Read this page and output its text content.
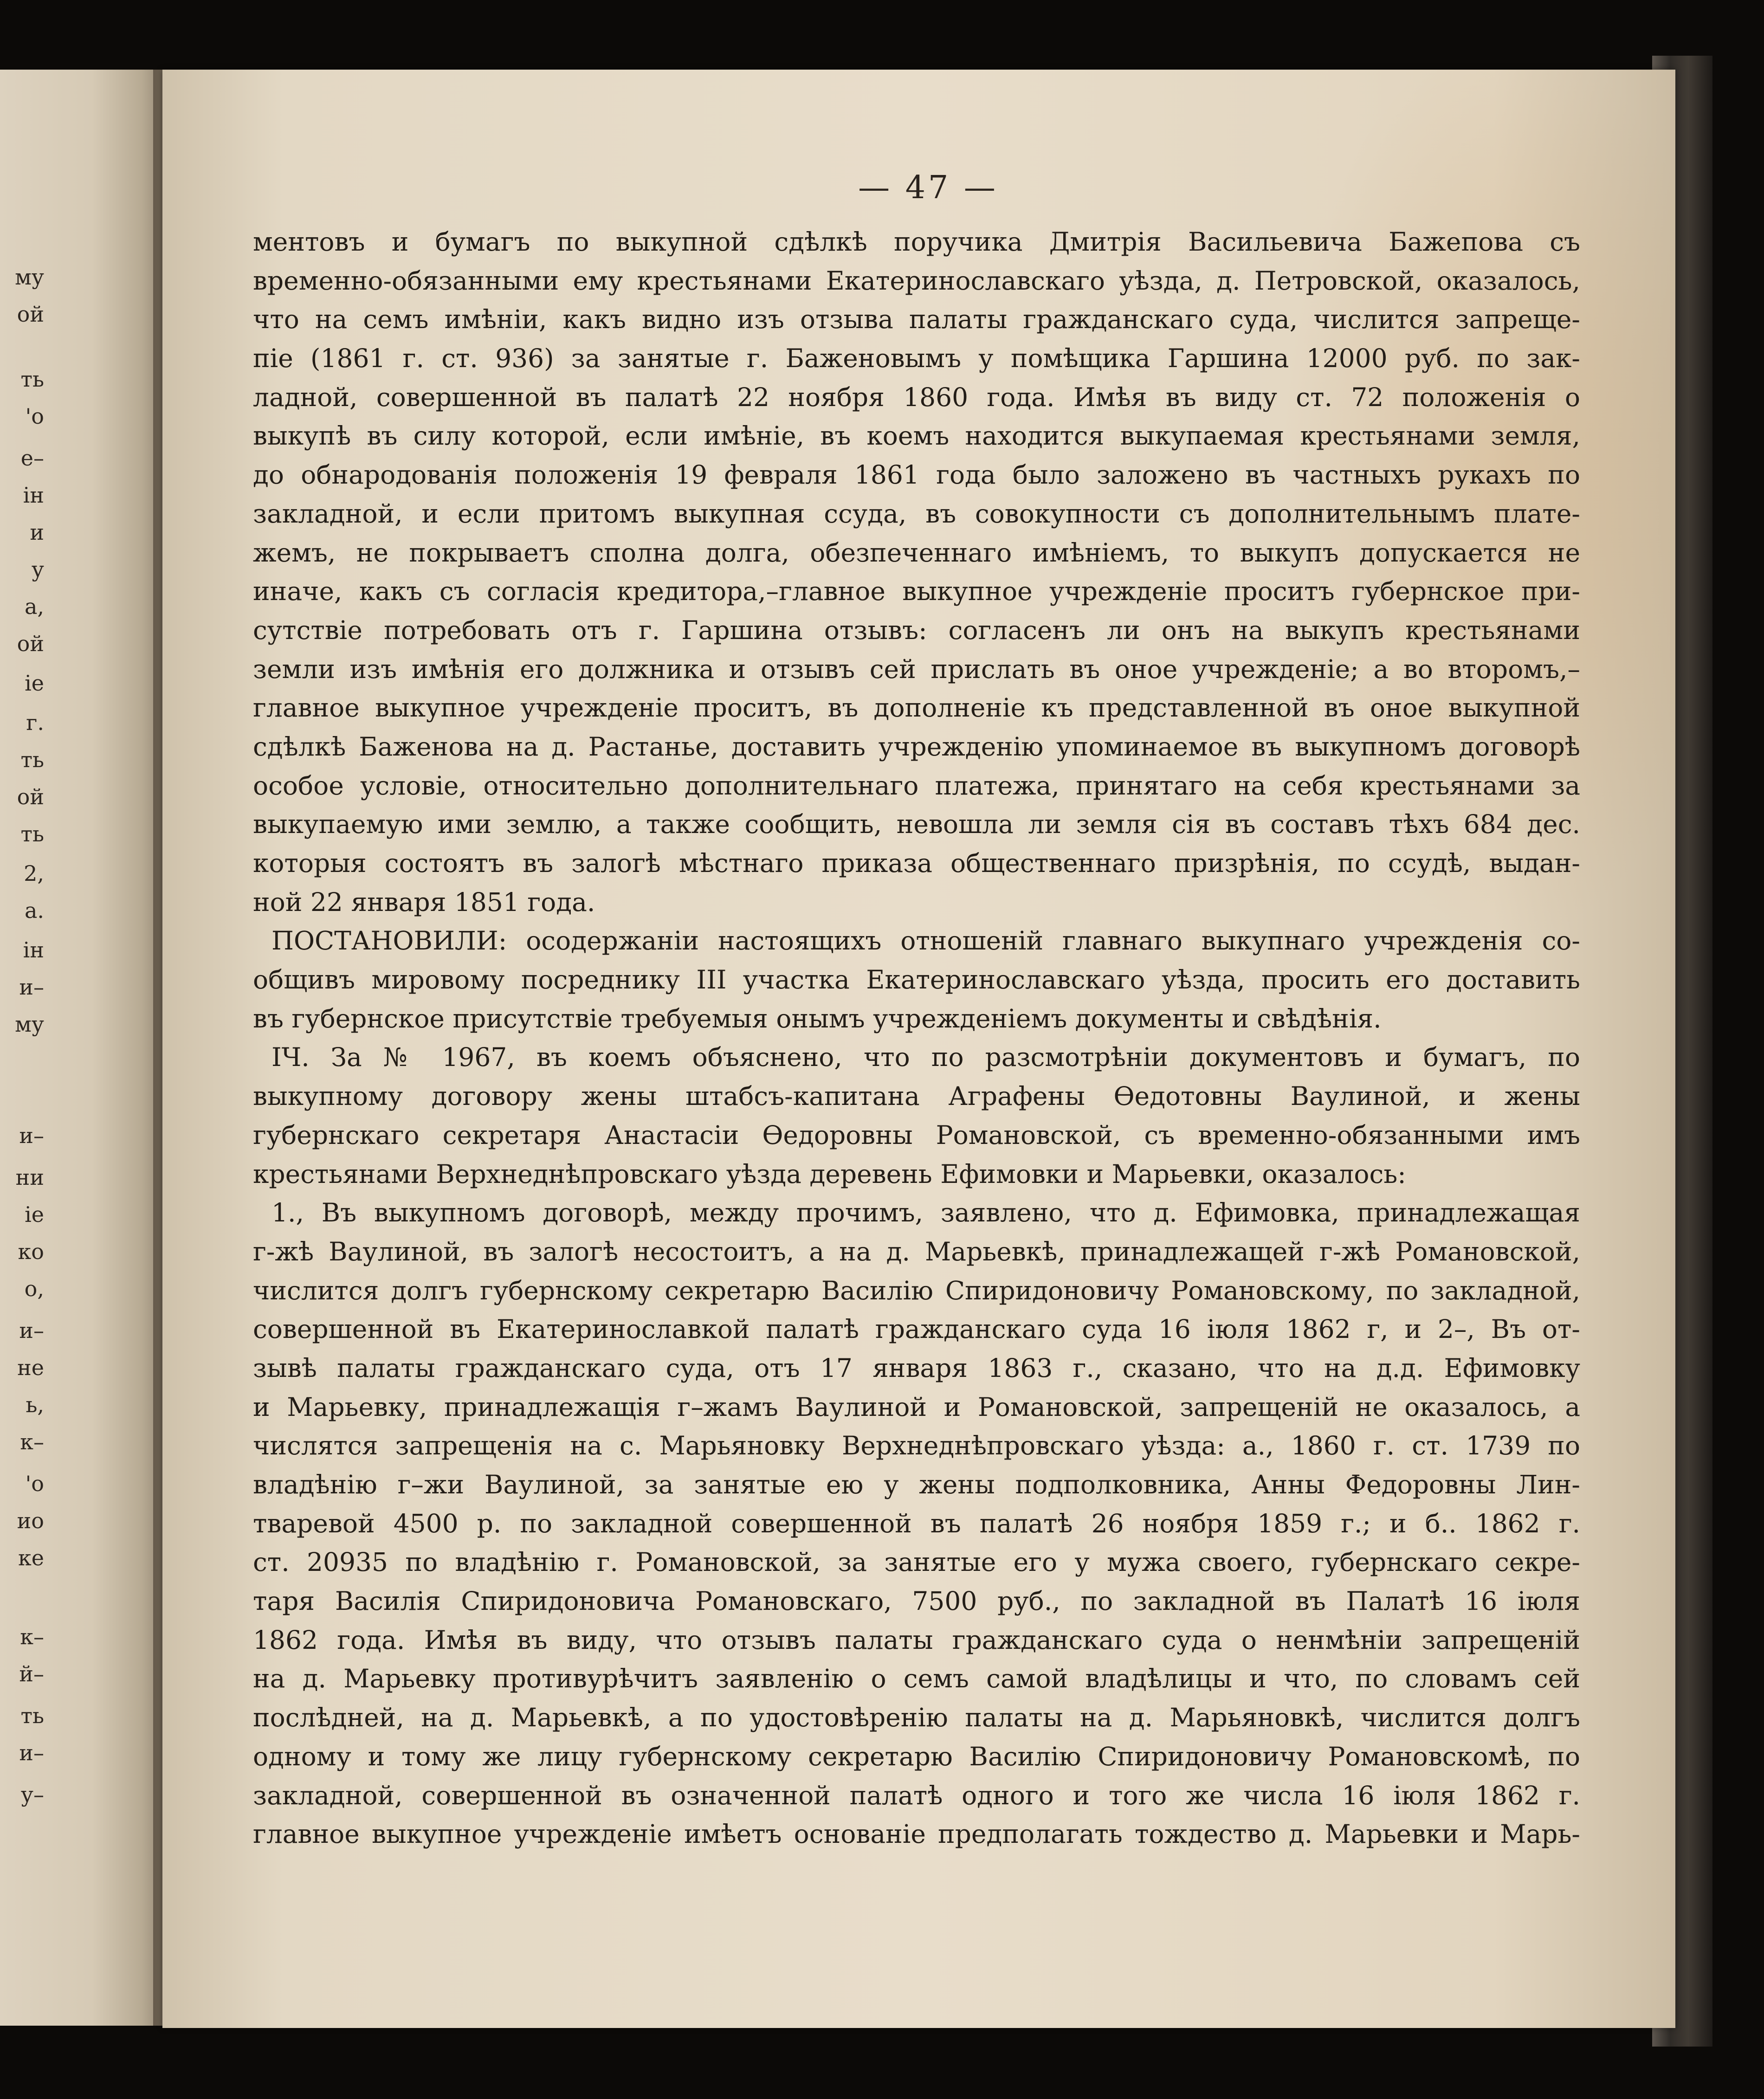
му
ой
ть
'о
е–
ін
и
у
а,
ой
іе
г.
ть
ой
ть
2,
а.
ін
и–
му
и–
ни
іе
ко
о,
и–
не
ь,
к–
'о
ио
ке
к–
й–
ть
и–
у–
— 47 —
ментовъ и бумагъ по выкупной сдѣлкѣ поручика Дмитрія Васильевича Бажепова съ
временно-обязанными ему крестьянами Екатеринославскаго уѣзда, д. Петровской, оказалось,
что на семъ имѣніи, какъ видно изъ отзыва палаты гражданскаго суда, числится запреще-
піе (1861 г. ст. 936) за занятые г. Баженовымъ у помѣщика Гаршина 12000 руб. по зак-
ладной, совершенной въ палатѣ 22 ноября 1860 года. Имѣя въ виду ст. 72 положенія о
выкупѣ въ силу которой, если имѣніе, въ коемъ находится выкупаемая крестьянами земля,
до обнародованія положенія 19 февраля 1861 года было заложено въ частныхъ рукахъ по
закладной, и если притомъ выкупная ссуда, въ совокупности съ дополнительнымъ плате-
жемъ, не покрываетъ сполна долга, обезпеченнаго имѣніемъ, то выкупъ допускается не
иначе, какъ съ согласія кредитора,–главное выкупное учрежденіе проситъ губернское при-
сутствіе потребовать отъ г. Гаршина отзывъ: согласенъ ли онъ на выкупъ крестьянами
земли изъ имѣнія его должника и отзывъ сей прислать въ оное учрежденіе; а во второмъ,–
главное выкупное учрежденіе проситъ, въ дополненіе къ представленной въ оное выкупной
сдѣлкѣ Баженова на д. Растанье, доставить учрежденію упоминаемое въ выкупномъ договорѣ
особое условіе, относительно дополнительнаго платежа, принятаго на себя крестьянами за
выкупаемую ими землю, а также сообщить, невошла ли земля сія въ составъ тѣхъ 684 дес.
которыя состоятъ въ залогѣ мѣстнаго приказа общественнаго призрѣнія, по ссудѣ, выдан-
ной 22 января 1851 года.
ПОСТАНОВИЛИ: оcодержаніи настоящихъ отношеній главнаго выкупнаго учрежденія со-
общивъ мировому посреднику III участка Екатеринославскаго уѣзда, просить его доставить
въ губернское присутствіе требуемыя онымъ учрежденіемъ документы и свѣдѣнія.
IЧ. За № 1967, въ коемъ объяснено, что по разсмотрѣніи документовъ и бумагъ, по
выкупному договору жены штабсъ-капитана Аграфены Өедотовны Ваулиной, и жены
губернскаго секретаря Анастасіи Өедоровны Романовской, съ временно-обязанными имъ
крестьянами Верхнеднѣпровскаго уѣзда деревень Ефимовки и Марьевки, оказалось:
1., Въ выкупномъ договорѣ, между прочимъ, заявлено, что д. Ефимовка, принадлежащая
г-жѣ Ваулиной, въ залогѣ несостоитъ, а на д. Марьевкѣ, принадлежащей г-жѣ Романовской,
числится долгъ губернскому секретарю Василію Спиридоновичу Романовскому, по закладной,
совершенной въ Екатеринославкой палатѣ гражданскаго суда 16 іюля 1862 г, и 2–, Въ от-
зывѣ палаты гражданскаго суда, отъ 17 января 1863 г., сказано, что на д.д. Ефимовку
и Марьевку, принадлежащія г–жамъ Ваулиной и Романовской, запрещеній не оказалось, а
числятся запрещенія на с. Марьяновку Верхнеднѣпровскаго уѣзда: а., 1860 г. ст. 1739 по
владѣнію г–жи Ваулиной, за занятые ею у жены подполковника, Анны Федоровны Лин-
тваревой 4500 р. по закладной совершенной въ палатѣ 26 ноября 1859 г.; и б.. 1862 г.
ст. 20935 по владѣнію г. Романовской, за занятые его у мужа своего, губернскаго секре-
таря Василія Спиридоновича Романовскаго, 7500 руб., по закладной въ Палатѣ 16 іюля
1862 года. Имѣя въ виду, что отзывъ палаты гражданскаго суда о ненмѣніи запрещеній
на д. Марьевку противурѣчитъ заявленію о семъ самой владѣлицы и что, по словамъ сей
послѣдней, на д. Марьевкѣ, а по удостовѣренію палаты на д. Марьяновкѣ, числится долгъ
одному и тому же лицу губернскому секретарю Василію Спиридоновичу Романовскомѣ, по
закладной, совершенной въ означенной палатѣ одного и того же числа 16 іюля 1862 г.
главное выкупное учрежденіе имѣетъ основаніе предполагать тождество д. Марьевки и Марь-
